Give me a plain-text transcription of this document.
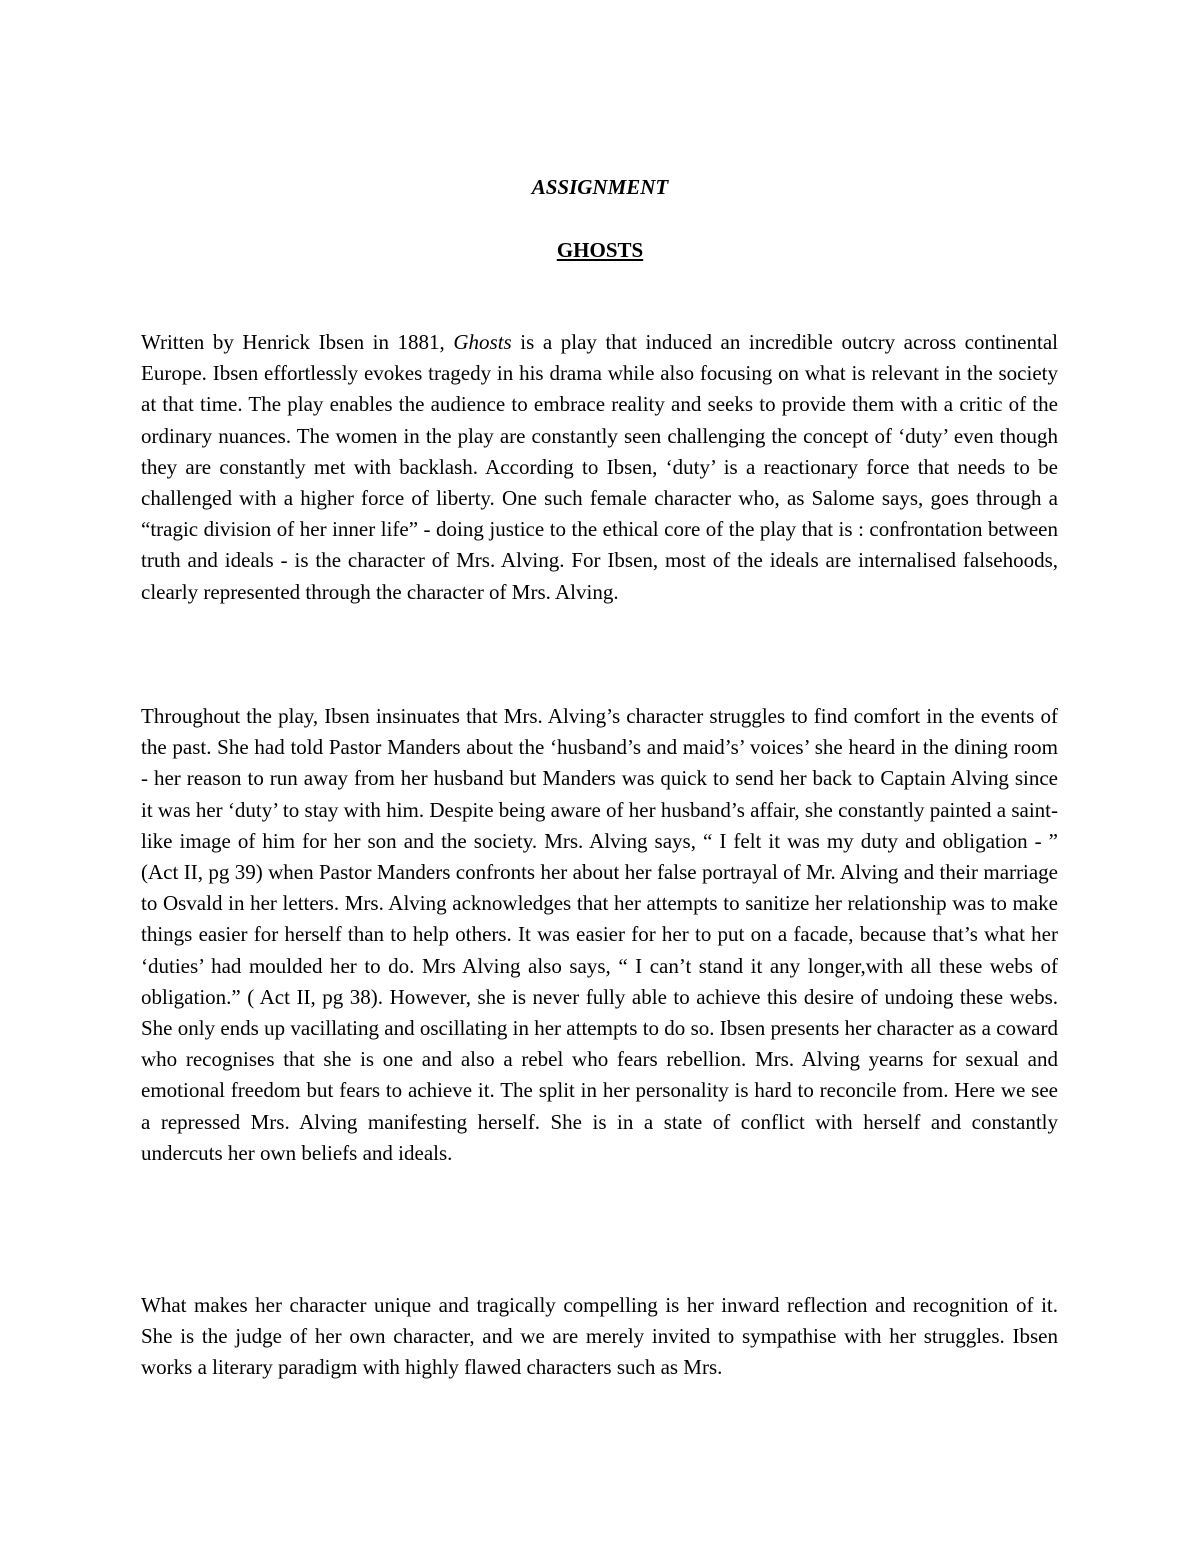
ASSIGNMENT
GHOSTS

Written by Henrick Ibsen in 1881, Ghosts is a play that induced an incredible outcry across continental Europe. Ibsen effortlessly evokes tragedy in his drama while also focusing on what is relevant in the society at that time. The play enables the audience to embrace reality and seeks to provide them with a critic of the ordinary nuances. The women in the play are constantly seen challenging the concept of ‘duty’ even though they are constantly met with backlash. According to Ibsen, ‘duty’ is a reactionary force that needs to be challenged with a higher force of liberty. One such female character who, as Salome says, goes through a “tragic division of her inner life” - doing justice to the ethical core of the play that is : confrontation between truth and ideals - is the character of Mrs. Alving. For Ibsen, most of the ideals are internalised falsehoods, clearly represented through the character of Mrs. Alving.

Throughout the play, Ibsen insinuates that Mrs. Alving’s character struggles to find comfort in the events of the past. She had told Pastor Manders about the ‘husband’s and maid’s’ voices’ she heard in the dining room - her reason to run away from her husband but Manders was quick to send her back to Captain Alving since it was her ‘duty’ to stay with him. Despite being aware of her husband’s affair, she constantly painted a saint-like image of him for her son and the society. Mrs. Alving says, “ I felt it was my duty and obligation - ” (Act II, pg 39) when Pastor Manders confronts her about her false portrayal of Mr. Alving and their marriage to Osvald in her letters. Mrs. Alving acknowledges that her attempts to sanitize her relationship was to make things easier for herself than to help others. It was easier for her to put on a facade, because that’s what her ‘duties’ had moulded her to do. Mrs Alving also says, “ I can’t stand it any longer,with all these webs of obligation.” ( Act II, pg 38). However, she is never fully able to achieve this desire of undoing these webs. She only ends up vacillating and oscillating in her attempts to do so. Ibsen presents her character as a coward who recognises that she is one and also a rebel who fears rebellion. Mrs. Alving yearns for sexual and emotional freedom but fears to achieve it. The split in her personality is hard to reconcile from. Here we see a repressed Mrs. Alving manifesting herself. She is in a state of conflict with herself and constantly undercuts her own beliefs and ideals.

What makes her character unique and tragically compelling is her inward reflection and recognition of it. She is the judge of her own character, and we are merely invited to sympathise with her struggles. Ibsen works a literary paradigm with highly flawed characters such as Mrs.
